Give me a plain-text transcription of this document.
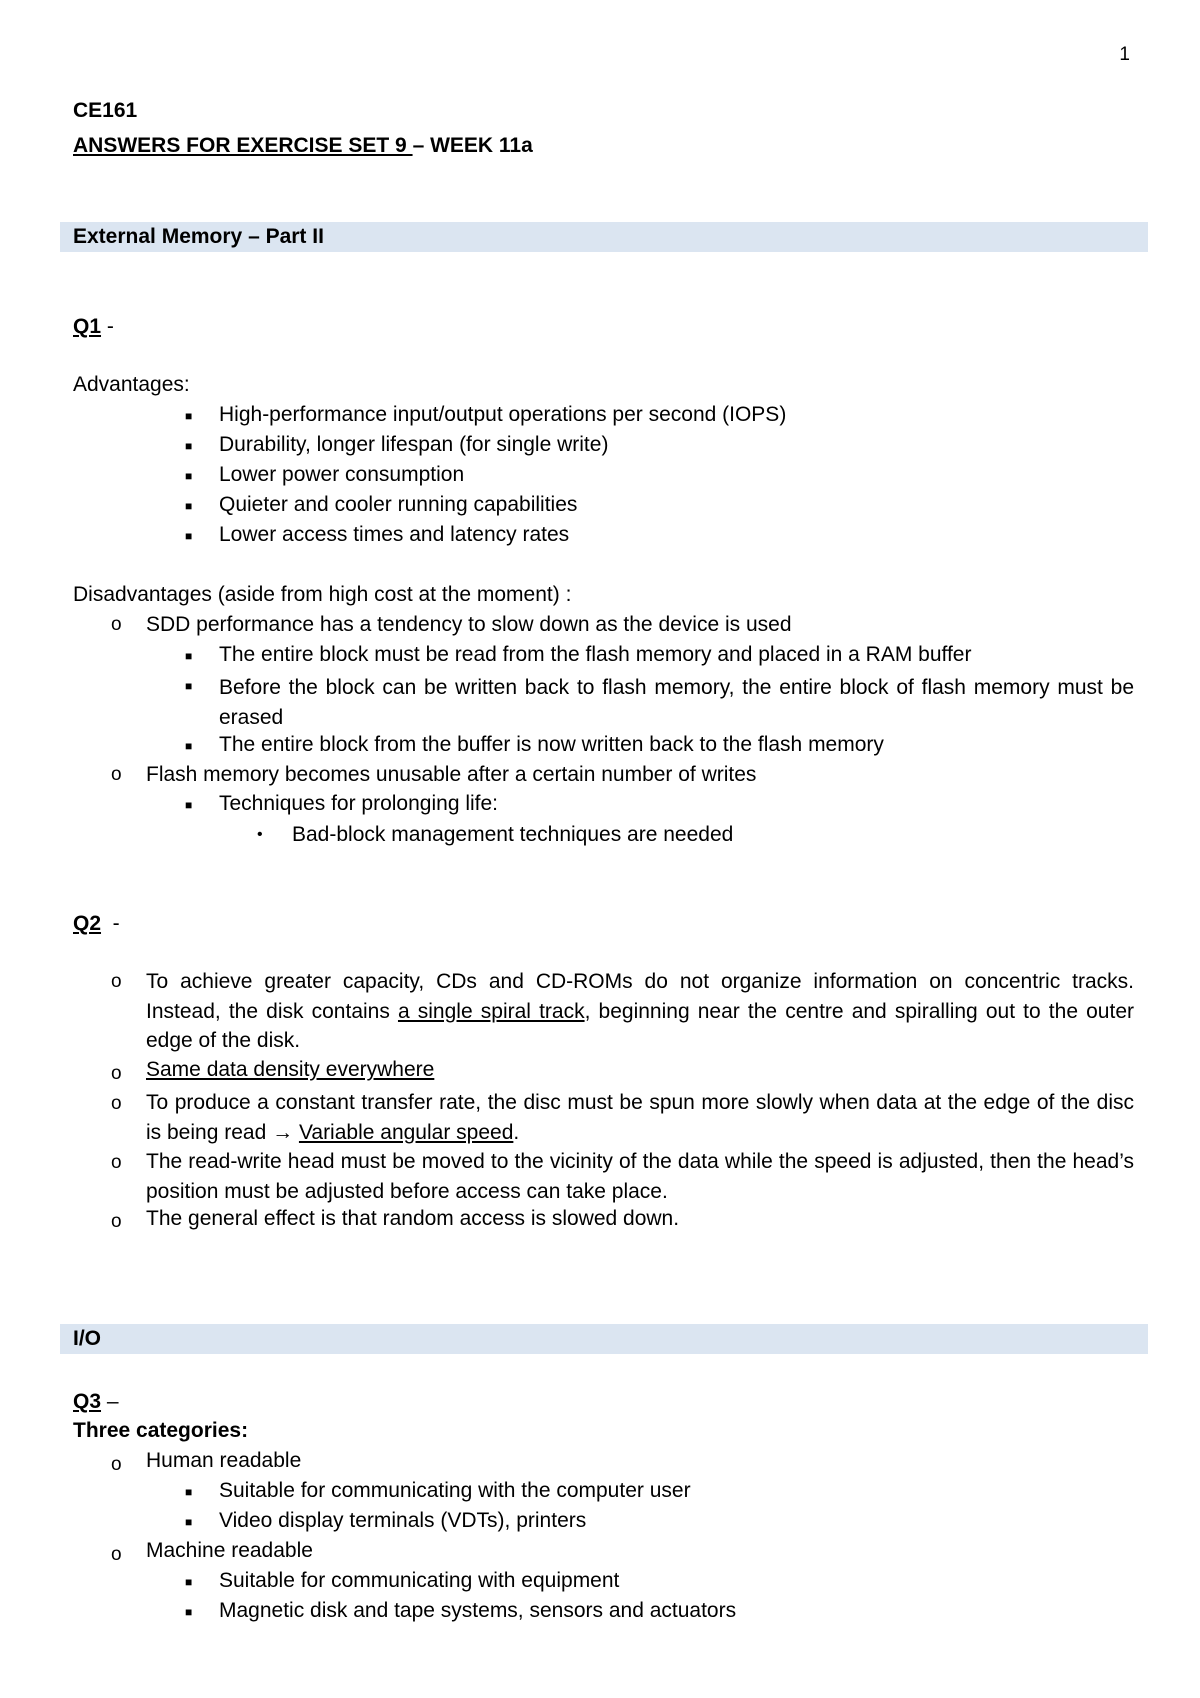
1
CE161
ANSWERS FOR EXERCISE SET 9 – WEEK 11a
External Memory – Part II
Q1 -
Advantages:
■ High-performance input/output operations per second (IOPS)
■ Durability, longer lifespan (for single write)
■ Lower power consumption
■ Quieter and cooler running capabilities
■ Lower access times and latency rates
Disadvantages (aside from high cost at the moment) :
o SDD performance has a tendency to slow down as the device is used
■ The entire block must be read from the flash memory and placed in a RAM buffer
■ Before the block can be written back to flash memory, the entire block of flash memory must be erased
■ The entire block from the buffer is now written back to the flash memory
o Flash memory becomes unusable after a certain number of writes
■ Techniques for prolonging life:
• Bad-block management techniques are needed
Q2  -
o To achieve greater capacity, CDs and CD-ROMs do not organize information on concentric tracks. Instead, the disk contains a single spiral track, beginning near the centre and spiralling out to the outer edge of the disk.
o Same data density everywhere
o To produce a constant transfer rate, the disc must be spun more slowly when data at the edge of the disc is being read → Variable angular speed.
o The read-write head must be moved to the vicinity of the data while the speed is adjusted, then the head’s position must be adjusted before access can take place.
o The general effect is that random access is slowed down.
I/O
Q3 –
Three categories:
o Human readable
■ Suitable for communicating with the computer user
■ Video display terminals (VDTs), printers
o Machine readable
■ Suitable for communicating with equipment
■ Magnetic disk and tape systems, sensors and actuators
